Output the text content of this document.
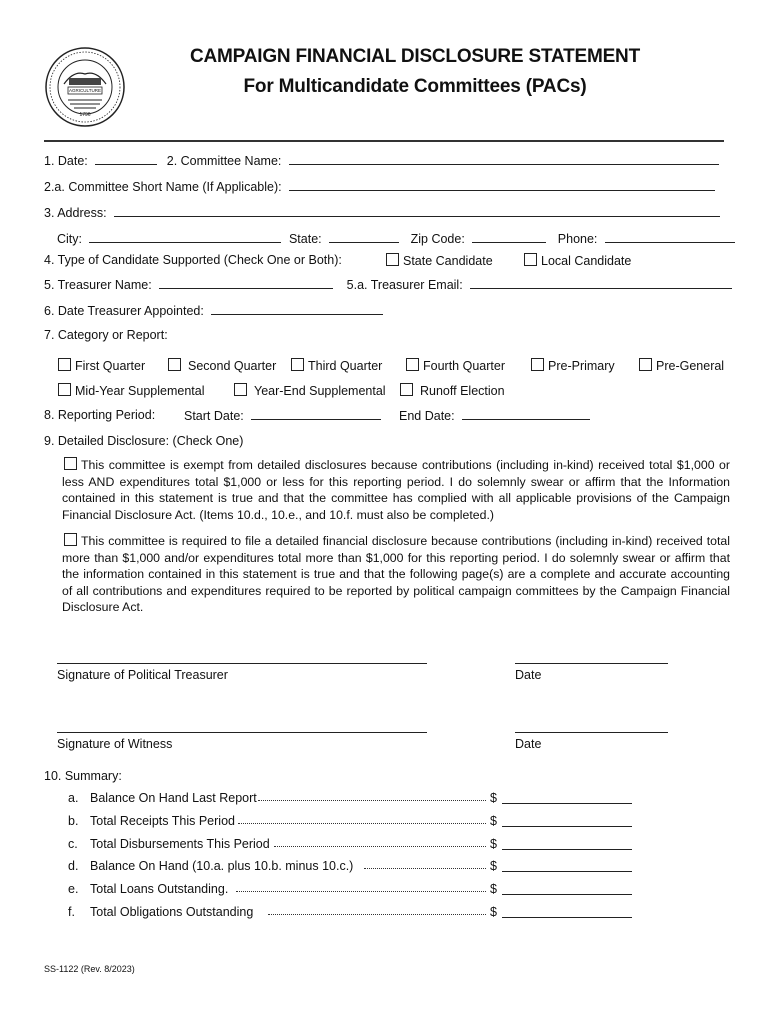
AGRICULTURE
1796
CAMPAIGN FINANCIAL DISCLOSURE STATEMENT
For Multicandidate Committees (PACs)
1. Date:	2. Committee Name:
2.a. Committee Short Name (If Applicable):
3. Address:
City:	State:	Zip Code:	Phone:
4. Type of Candidate Supported (Check One or Both):	State Candidate	Local Candidate
5. Treasurer Name:	5.a. Treasurer Email:
6. Date Treasurer Appointed:
7. Category or Report:
First Quarter	Second Quarter	Third Quarter	Fourth Quarter	Pre-Primary	Pre-General
Mid-Year Supplemental	Year-End Supplemental	Runoff Election
8. Reporting Period: Start Date:	End Date:
9. Detailed Disclosure: (Check One)
This committee is exempt from detailed disclosures because contributions (including in-kind) received total $1,000 or less AND expenditures total $1,000 or less for this reporting period. I do solemnly swear or affirm that the Information contained in this statement is true and that the committee has complied with all applicable provisions of the Campaign Financial Disclosure Act. (Items 10.d., 10.e., and 10.f. must also be completed.)
This committee is required to file a detailed financial disclosure because contributions (including in-kind) received total more than $1,000 and/or expenditures total more than $1,000 for this reporting period. I do solemnly swear or affirm that the information contained in this statement is true and that the following page(s) are a complete and accurate accounting of all contributions and expenditures required to be reported by political campaign committees by the Campaign Financial Disclosure Act.
Signature of Political Treasurer	Date
Signature of Witness	Date
10. Summary:
a. Balance On Hand Last Report	$
b. Total Receipts This Period	$
c. Total Disbursements This Period	$
d. Balance On Hand (10.a. plus 10.b. minus 10.c.)	$
e. Total Loans Outstanding.	$
f. Total Obligations Outstanding	$
SS-1122 (Rev. 8/2023)
